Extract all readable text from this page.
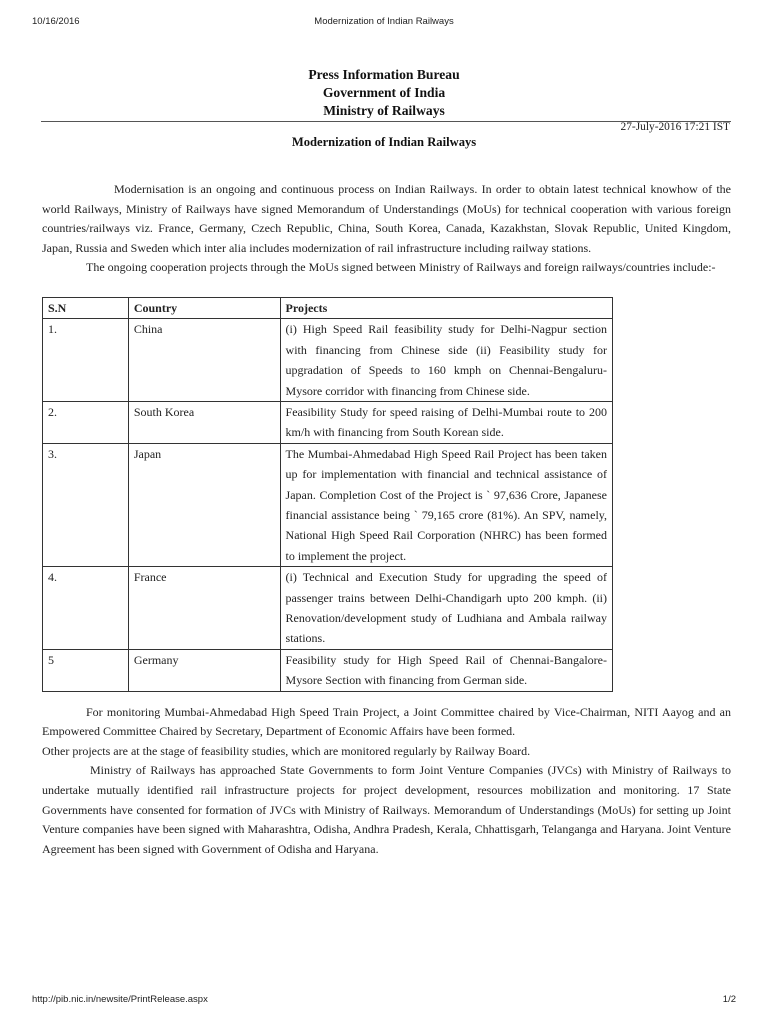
10/16/2016	Modernization of Indian Railways
Press Information Bureau
Government of India
Ministry of Railways
27-July-2016 17:21 IST
Modernization of Indian Railways

Modernisation is an ongoing and continuous process on Indian Railways. In order to obtain latest technical knowhow of the world Railways, Ministry of Railways have signed Memorandum of Understandings (MoUs) for technical cooperation with various foreign countries/railways viz. France, Germany, Czech Republic, China, South Korea, Canada, Kazakhstan, Slovak Republic, United Kingdom, Japan, Russia and Sweden which inter alia includes modernization of rail infrastructure including railway stations.

The ongoing cooperation projects through the MoUs signed between Ministry of Railways and foreign railways/countries include:-

S.N	Country	Projects
1.	China	(i) High Speed Rail feasibility study for Delhi-Nagpur section with financing from Chinese side (ii) Feasibility study for upgradation of Speeds to 160 kmph on Chennai-Bengaluru-Mysore corridor with financing from Chinese side.
2.	South Korea	Feasibility Study for speed raising of Delhi-Mumbai route to 200 km/h with financing from South Korean side.
3.	Japan	The Mumbai-Ahmedabad High Speed Rail Project has been taken up for implementation with financial and technical assistance of Japan. Completion Cost of the Project is ` 97,636 Crore, Japanese financial assistance being ` 79,165 crore (81%). An SPV, namely, National High Speed Rail Corporation (NHRC) has been formed to implement the project.
4.	France	(i) Technical and Execution Study for upgrading the speed of passenger trains between Delhi-Chandigarh upto 200 kmph. (ii) Renovation/development study of Ludhiana and Ambala railway stations.
5	Germany	Feasibility study for High Speed Rail of Chennai-Bangalore-Mysore Section with financing from German side.

For monitoring Mumbai-Ahmedabad High Speed Train Project, a Joint Committee chaired by Vice-Chairman, NITI Aayog and an Empowered Committee Chaired by Secretary, Department of Economic Affairs have been formed.

Other projects are at the stage of feasibility studies, which are monitored regularly by Railway Board.

Ministry of Railways has approached State Governments to form Joint Venture Companies (JVCs) with Ministry of Railways to undertake mutually identified rail infrastructure projects for project development, resources mobilization and monitoring. 17 State Governments have consented for formation of JVCs with Ministry of Railways. Memorandum of Understandings (MoUs) for setting up Joint Venture companies have been signed with Maharashtra, Odisha, Andhra Pradesh, Kerala, Chhattisgarh, Telanganga and Haryana. Joint Venture Agreement has been signed with Government of Odisha and Haryana.

http://pib.nic.in/newsite/PrintRelease.aspx	1/2
